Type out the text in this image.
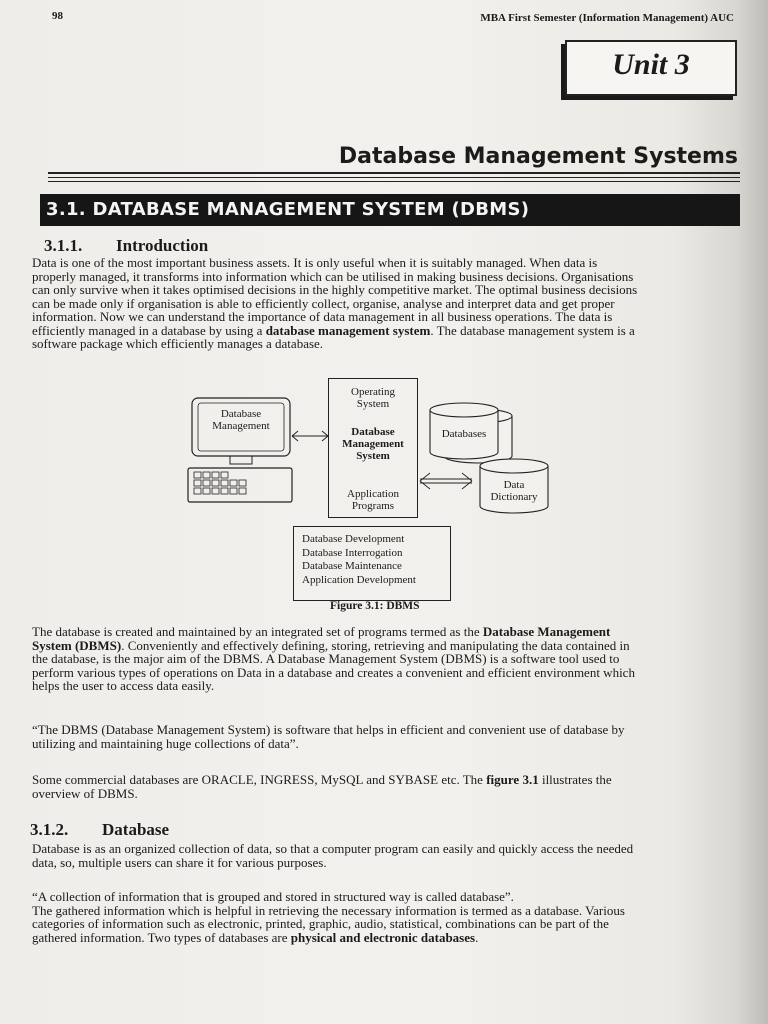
98	MBA First Semester (Information Management) AUC
Unit 3
Database Management Systems
3.1. DATABASE MANAGEMENT SYSTEM (DBMS)
3.1.1. Introduction
Data is one of the most important business assets. It is only useful when it is suitably managed. When data is
properly managed, it transforms into information which can be utilised in making business decisions. Organisations
can only survive when it takes optimised decisions in the highly competitive market. The optimal business decisions
can be made only if organisation is able to efficiently collect, organise, analyse and interpret data and get proper
information. Now we can understand the importance of data management in all business operations. The data is
efficiently managed in a database by using a database management system. The database management system is a
software package which efficiently manages a database.
Database
Management
Operating
System
Database
Management
System
Application
Programs
Databases
Data
Dictionary
Database Development
Database Interrogation
Database Maintenance
Application Development
Figure 3.1: DBMS
The database is created and maintained by an integrated set of programs termed as the Database Management
System (DBMS). Conveniently and effectively defining, storing, retrieving and manipulating the data contained in
the database, is the major aim of the DBMS. A Database Management System (DBMS) is a software tool used to
perform various types of operations on Data in a database and creates a convenient and efficient environment which
helps the user to access data easily.
“The DBMS (Database Management System) is software that helps in efficient and convenient use of database by
utilizing and maintaining huge collections of data”.
Some commercial databases are ORACLE, INGRESS, MySQL and SYBASE etc. The figure 3.1 illustrates the
overview of DBMS.
3.1.2. Database
Database is as an organized collection of data, so that a computer program can easily and quickly access the needed
data, so, multiple users can share it for various purposes.
“A collection of information that is grouped and stored in structured way is called database”.
The gathered information which is helpful in retrieving the necessary information is termed as a database. Various
categories of information such as electronic, printed, graphic, audio, statistical, combinations can be part of the
gathered information. Two types of databases are physical and electronic databases.
